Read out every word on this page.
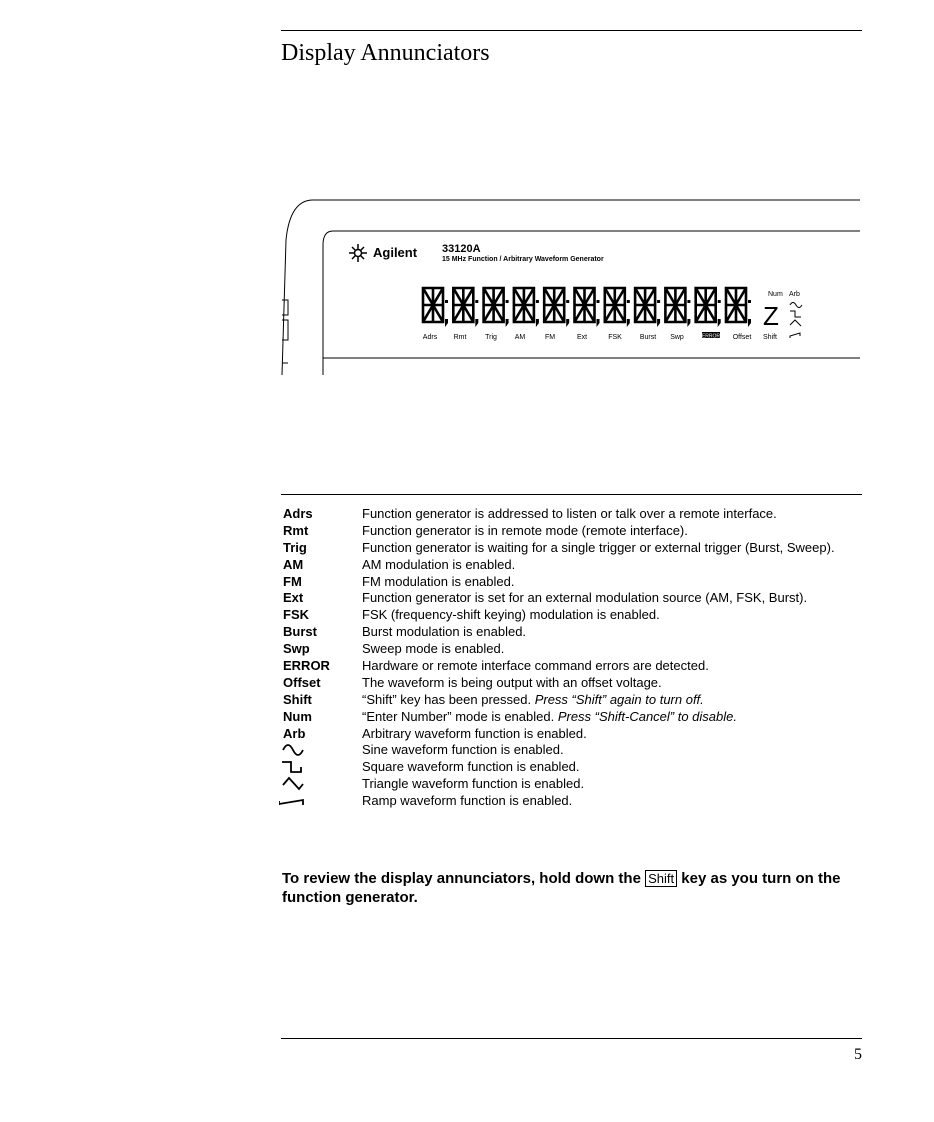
Display Annunciators
Agilent 33120A
15 MHz Function / Arbitrary Waveform Generator
Z
Num Arb
Adrs Rmt	Trig	AM	FM	Ext	FSK	Burst Swp	ERROR Offset Shift
Adrs	Function generator is addressed to listen or talk over a remote interface.
Rmt	Function generator is in remote mode (remote interface).
Trig	Function generator is waiting for a single trigger or external trigger (Burst, Sweep).
AM	AM modulation is enabled.
FM	FM modulation is enabled.
Ext	Function generator is set for an external modulation source (AM, FSK, Burst).
FSK	FSK (frequency-shift keying) modulation is enabled.
Burst	Burst modulation is enabled.
Swp	Sweep mode is enabled.
ERROR	Hardware or remote interface command errors are detected.
Offset	The waveform is being output with an offset voltage.
Shift	“Shift” key has been pressed. Press “Shift” again to turn off.
Num	“Enter Number” mode is enabled. Press “Shift-Cancel” to disable.
Arb	Arbitrary waveform function is enabled.
Sine waveform function is enabled.
Square waveform function is enabled.
Triangle waveform function is enabled.
Ramp waveform function is enabled.
To review the display annunciators, hold down the Shift key as you turn on the function generator.
5
